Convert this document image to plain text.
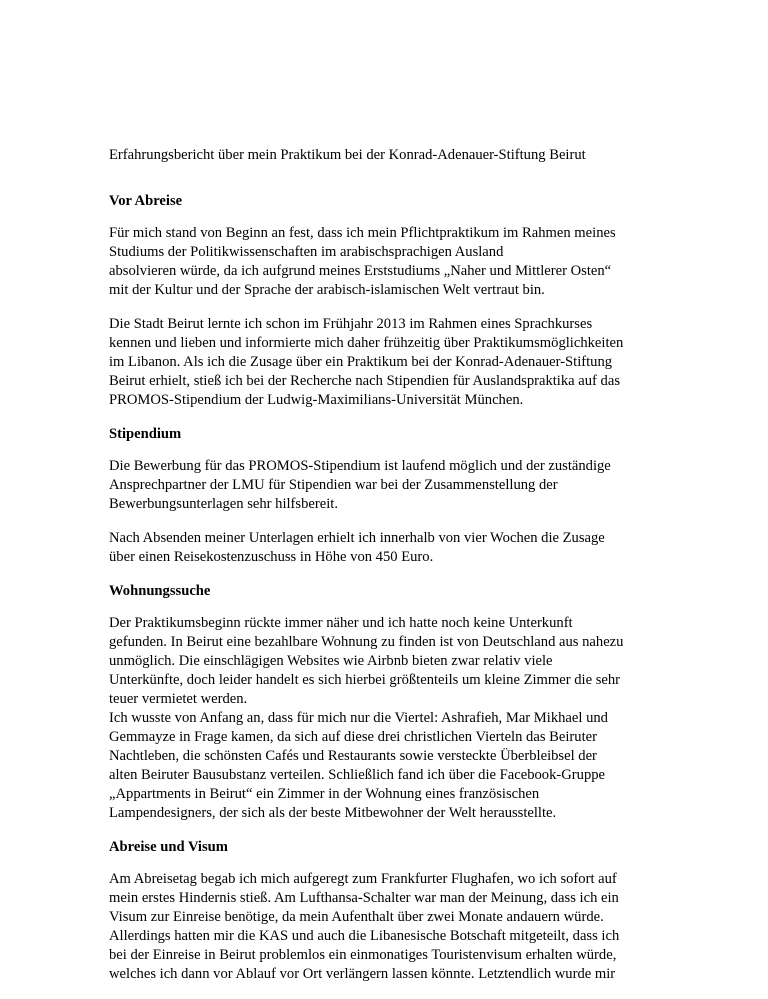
Erfahrungsbericht über mein Praktikum bei der Konrad-Adenauer-Stiftung Beirut
Vor Abreise
Für mich stand von Beginn an fest, dass ich mein Pflichtpraktikum im Rahmen meines
Studiums der Politikwissenschaften im arabischsprachigen Ausland
absolvieren würde, da ich aufgrund meines Erststudiums „Naher und Mittlerer Osten“
mit der Kultur und der Sprache der arabisch-islamischen Welt vertraut bin.
Die Stadt Beirut lernte ich schon im Frühjahr 2013 im Rahmen eines Sprachkurses
kennen und lieben und informierte mich daher frühzeitig über Praktikumsmöglichkeiten
im Libanon. Als ich die Zusage über ein Praktikum bei der Konrad-Adenauer-Stiftung
Beirut erhielt, stieß ich bei der Recherche nach Stipendien für Auslandspraktika auf das
PROMOS-Stipendium der Ludwig-Maximilians-Universität München.
Stipendium
Die Bewerbung für das PROMOS-Stipendium ist laufend möglich und der zuständige
Ansprechpartner der LMU für Stipendien war bei der Zusammenstellung der
Bewerbungsunterlagen sehr hilfsbereit.
Nach Absenden meiner Unterlagen erhielt ich innerhalb von vier Wochen die Zusage
über einen Reisekostenzuschuss in Höhe von 450 Euro.
Wohnungssuche
Der Praktikumsbeginn rückte immer näher und ich hatte noch keine Unterkunft
gefunden. In Beirut eine bezahlbare Wohnung zu finden ist von Deutschland aus nahezu
unmöglich. Die einschlägigen Websites wie Airbnb bieten zwar relativ viele
Unterkünfte, doch leider handelt es sich hierbei größtenteils um kleine Zimmer die sehr
teuer vermietet werden.
Ich wusste von Anfang an, dass für mich nur die Viertel: Ashrafieh, Mar Mikhael und
Gemmayze in Frage kamen, da sich auf diese drei christlichen Vierteln das Beiruter
Nachtleben, die schönsten Cafés und Restaurants sowie versteckte Überbleibsel der
alten Beiruter Bausubstanz verteilen. Schließlich fand ich über die Facebook-Gruppe
„Appartments in Beirut“ ein Zimmer in der Wohnung eines französischen
Lampendesigners, der sich als der beste Mitbewohner der Welt herausstellte.
Abreise und Visum
Am Abreisetag begab ich mich aufgeregt zum Frankfurter Flughafen, wo ich sofort auf
mein erstes Hindernis stieß. Am Lufthansa-Schalter war man der Meinung, dass ich ein
Visum zur Einreise benötige, da mein Aufenthalt über zwei Monate andauern würde.
Allerdings hatten mir die KAS und auch die Libanesische Botschaft mitgeteilt, dass ich
bei der Einreise in Beirut problemlos ein einmonatiges Touristenvisum erhalten würde,
welches ich dann vor Ablauf vor Ort verlängern lassen könnte. Letztendlich wurde mir
